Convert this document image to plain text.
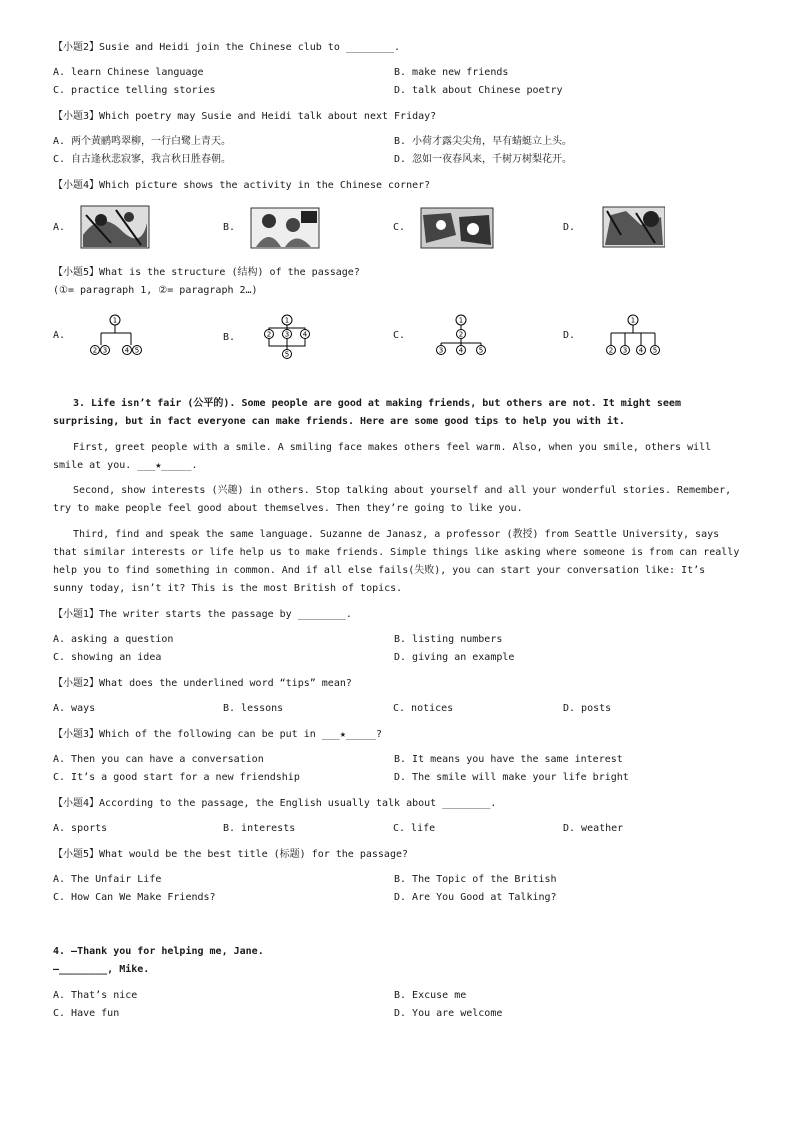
【小题2】Susie and Heidi join the Chinese club to ________.
A. learn Chinese language	B. make new friends
C. practice telling stories	D. talk about Chinese poetry
【小题3】Which poetry may Susie and Heidi talk about next Friday?
A. 两个黄鹂鸣翠柳，一行白鹭上青天。	B. 小荷才露尖尖角，早有蜻蜓立上头。
C. 自古逢秋悲寂寥，我言秋日胜春朝。	D. 忽如一夜春风来，千树万树梨花开。
【小题4】Which picture shows the activity in the Chinese corner?
A.	B.	C.	D.
【小题5】What is the structure (结构) of the passage?
(①= paragraph 1, ②= paragraph 2…)
A.
1
2 3	4 5
B.
1
2 3 4
5
C.
1
2
3 4 5
D.
1
2 3 4 5
3. Life isn’t fair (公平的). Some people are good at making friends, but others are not. It might seem
surprising, but in fact everyone can make friends. Here are some good tips to help you with it.
First, greet people with a smile. A smiling face makes others feel warm. Also, when you smile, others will
smile at you. ___★_____.
Second, show interests (兴趣) in others. Stop talking about yourself and all your wonderful stories. Remember,
try to make people feel good about themselves. Then they’re going to like you.
Third, find and speak the same language. Suzanne de Janasz, a professor (教授) from Seattle University, says
that similar interests or life help us to make friends. Simple things like asking where someone is from can really
help you to find something in common. And if all else fails(失败), you can start your conversation like: It’s
sunny today, isn’t it? This is the most British of topics.
【小题1】The writer starts the passage by ________.
A. asking a question	B. listing numbers
C. showing an idea	D. giving an example
【小题2】What does the underlined word “tips” mean?
A. ways	B. lessons	C. notices	D. posts
【小题3】Which of the following can be put in ___★_____?
A. Then you can have a conversation	B. It means you have the same interest
C. It’s a good start for a new friendship	D. The smile will make your life bright
【小题4】According to the passage, the English usually talk about ________.
A. sports	B. interests	C. life	D. weather
【小题5】What would be the best title (标题) for the passage?
A. The Unfair Life	B. The Topic of the British
C. How Can We Make Friends?	D. Are You Good at Talking?
4. —Thank you for helping me, Jane.
—________, Mike.
A. That’s nice	B. Excuse me
C. Have fun	D. You are welcome
